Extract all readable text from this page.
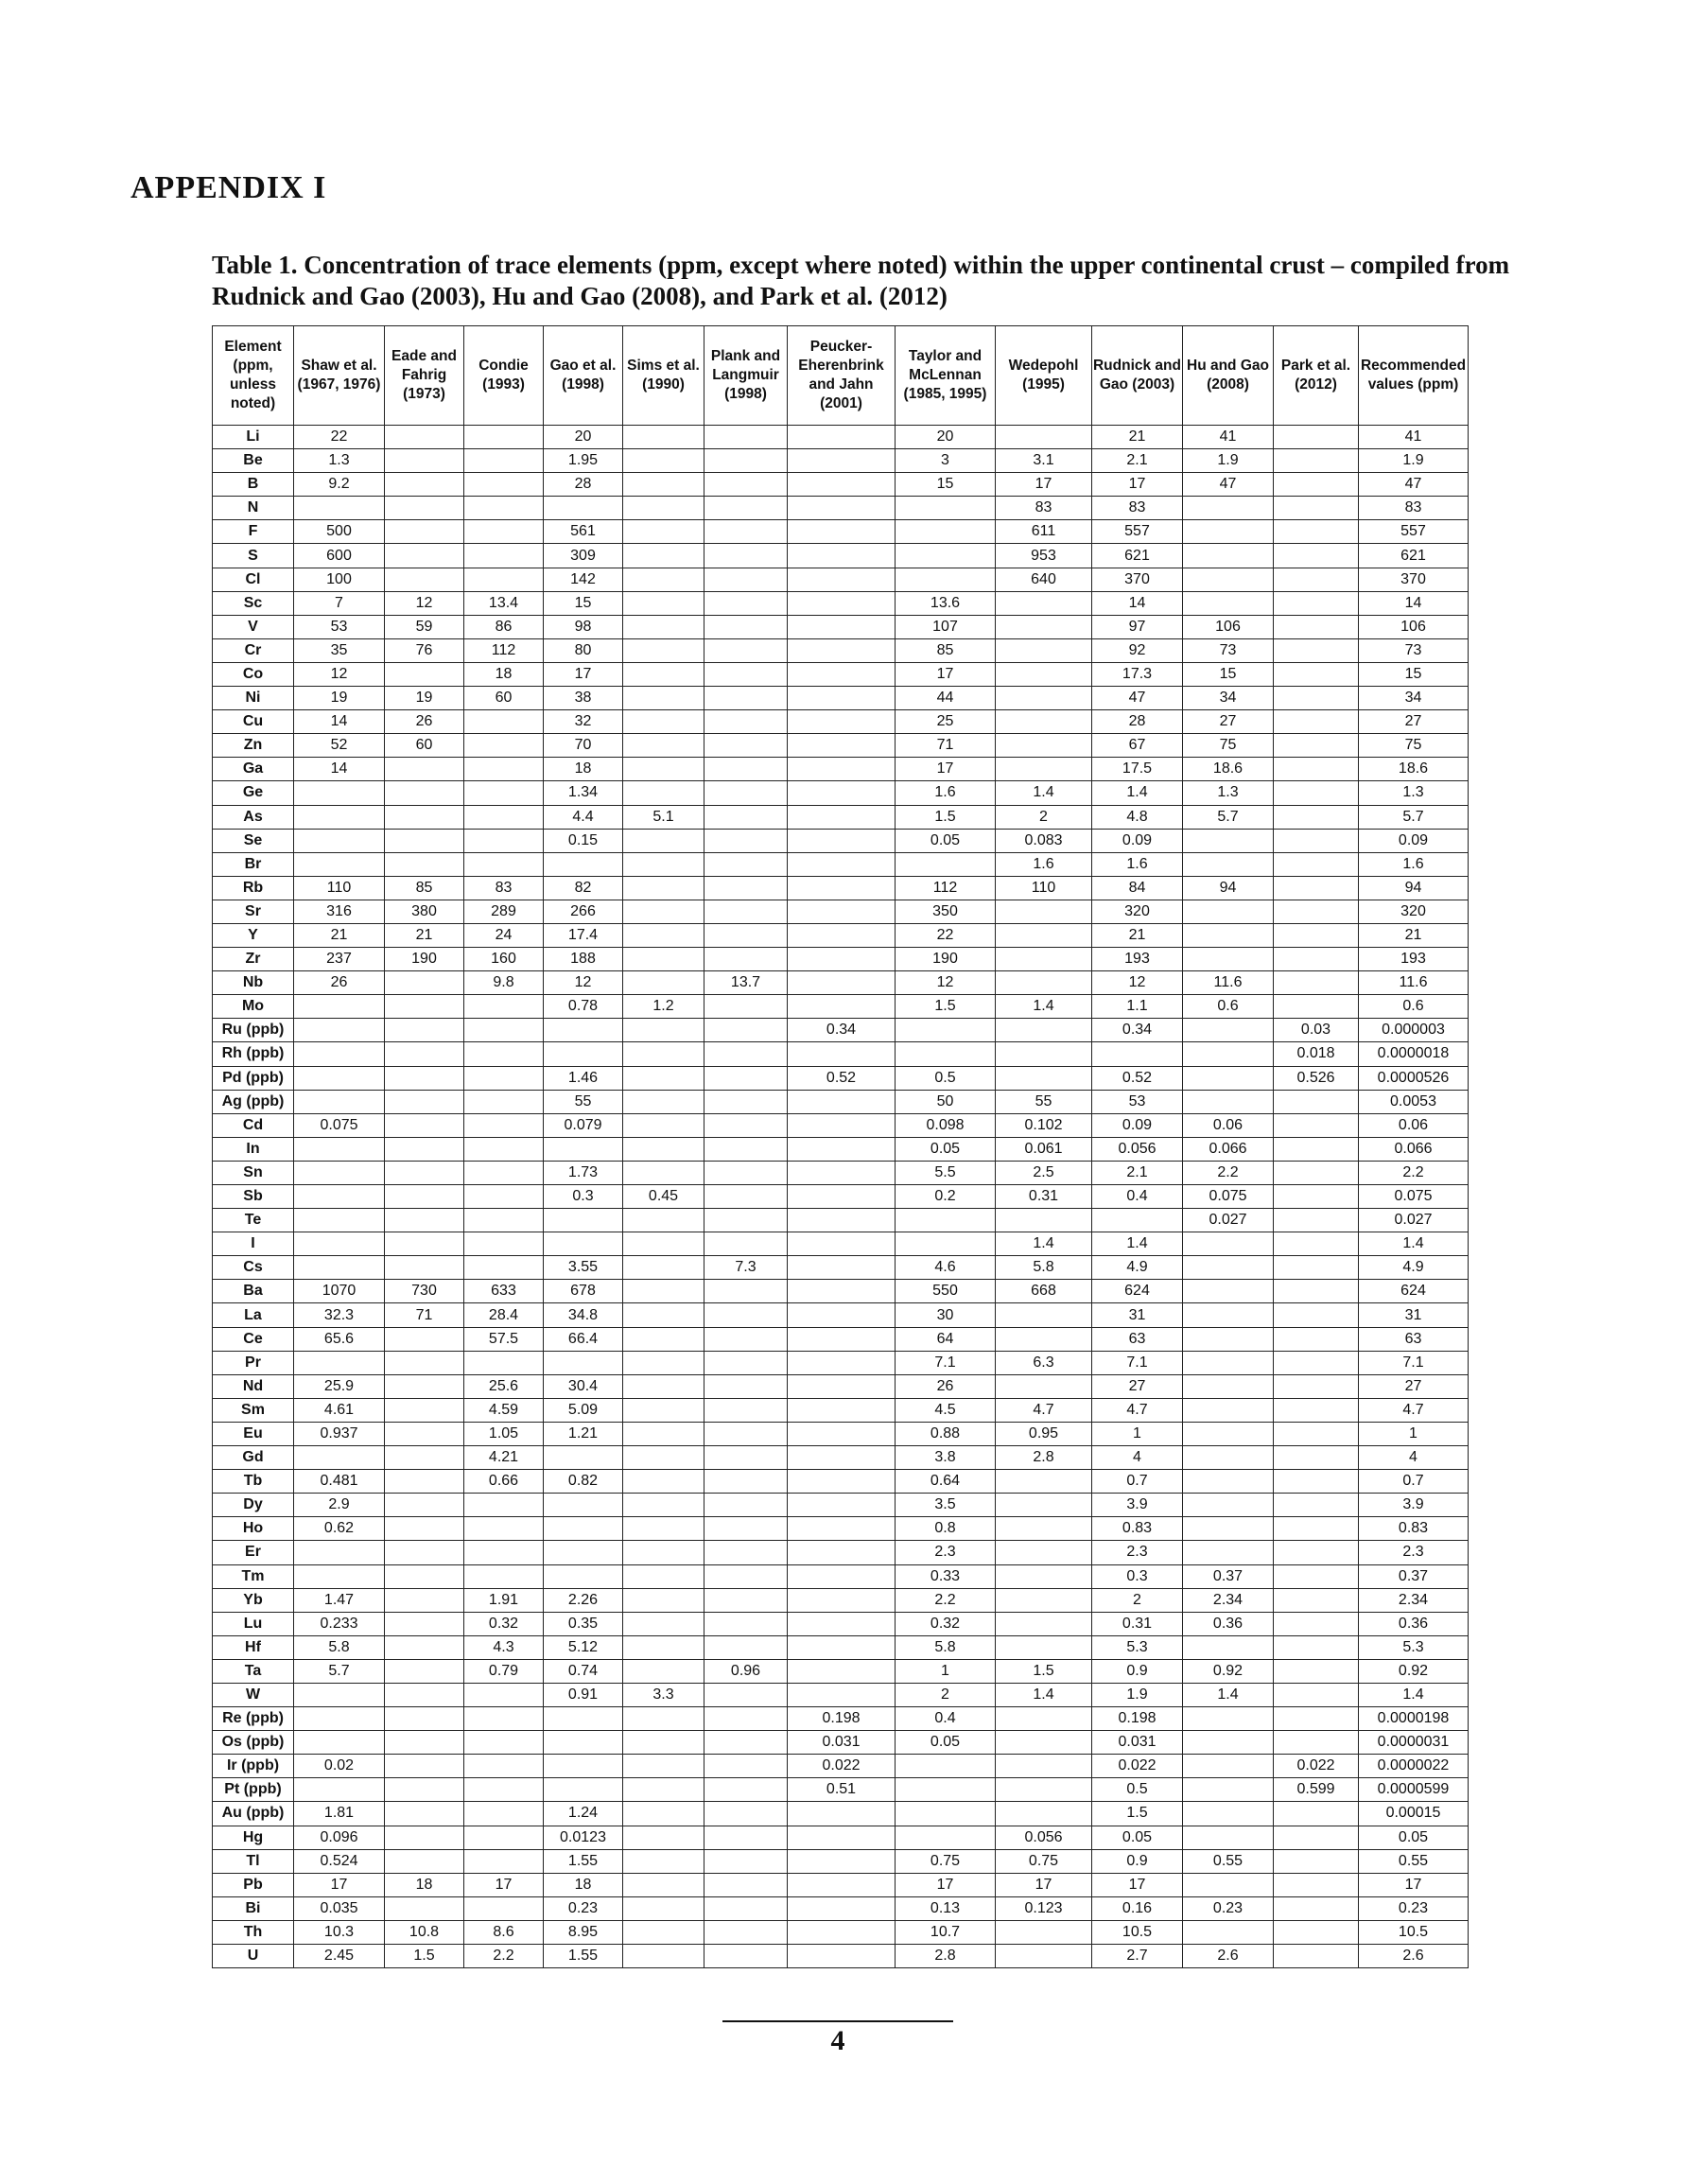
APPENDIX I

Table 1. Concentration of trace elements (ppm, except where noted) within the upper continental crust – compiled from Rudnick and Gao (2003), Hu and Gao (2008), and Park et al. (2012)

Element (ppm, unless noted)	Shaw et al. (1967, 1976)	Eade and Fahrig (1973)	Condie (1993)	Gao et al. (1998)	Sims et al. (1990)	Plank and Langmuir (1998)	Peucker-Eherenbrink and Jahn (2001)	Taylor and McLennan (1985, 1995)	Wedepohl (1995)	Rudnick and Gao (2003)	Hu and Gao (2008)	Park et al. (2012)	Recommended values (ppm)
Li	22			20				20		21	41		41
Be	1.3			1.95				3	3.1	2.1	1.9		1.9
B	9.2			28				15	17	17	47		47
N									83	83			83
F	500			561					611	557			557
S	600			309					953	621			621
Cl	100			142					640	370			370
Sc	7	12	13.4	15				13.6		14			14
V	53	59	86	98				107		97	106		106
Cr	35	76	112	80				85		92	73		73
Co	12		18	17				17		17.3	15		15
Ni	19	19	60	38				44		47	34		34
Cu	14	26		32				25		28	27		27
Zn	52	60		70				71		67	75		75
Ga	14			18				17		17.5	18.6		18.6
Ge				1.34				1.6	1.4	1.4	1.3		1.3
As				4.4	5.1			1.5	2	4.8	5.7		5.7
Se				0.15				0.05	0.083	0.09			0.09
Br									1.6	1.6			1.6
Rb	110	85	83	82				112	110	84	94		94
Sr	316	380	289	266				350		320			320
Y	21	21	24	17.4				22		21			21
Zr	237	190	160	188				190		193			193
Nb	26		9.8	12		13.7		12		12	11.6		11.6
Mo				0.78	1.2			1.5	1.4	1.1	0.6		0.6
Ru (ppb)							0.34			0.34		0.03	0.000003
Rh (ppb)												0.018	0.0000018
Pd (ppb)				1.46			0.52	0.5		0.52		0.526	0.0000526
Ag (ppb)				55				50	55	53			0.0053
Cd	0.075			0.079				0.098	0.102	0.09	0.06		0.06
In								0.05	0.061	0.056	0.066		0.066
Sn				1.73				5.5	2.5	2.1	2.2		2.2
Sb				0.3	0.45			0.2	0.31	0.4	0.075		0.075
Te											0.027		0.027
I									1.4	1.4			1.4
Cs				3.55		7.3		4.6	5.8	4.9			4.9
Ba	1070	730	633	678				550	668	624			624
La	32.3	71	28.4	34.8				30		31			31
Ce	65.6		57.5	66.4				64		63			63
Pr								7.1	6.3	7.1			7.1
Nd	25.9		25.6	30.4				26		27			27
Sm	4.61		4.59	5.09				4.5	4.7	4.7			4.7
Eu	0.937		1.05	1.21				0.88	0.95	1			1
Gd			4.21					3.8	2.8	4			4
Tb	0.481		0.66	0.82				0.64		0.7			0.7
Dy	2.9							3.5		3.9			3.9
Ho	0.62							0.8		0.83			0.83
Er								2.3		2.3			2.3
Tm								0.33		0.3	0.37		0.37
Yb	1.47		1.91	2.26				2.2		2	2.34		2.34
Lu	0.233		0.32	0.35				0.32		0.31	0.36		0.36
Hf	5.8		4.3	5.12				5.8		5.3			5.3
Ta	5.7		0.79	0.74		0.96		1	1.5	0.9	0.92		0.92
W				0.91	3.3			2	1.4	1.9	1.4		1.4
Re (ppb)							0.198	0.4		0.198			0.0000198
Os (ppb)							0.031	0.05		0.031			0.0000031
Ir (ppb)	0.02						0.022			0.022		0.022	0.0000022
Pt (ppb)							0.51			0.5		0.599	0.0000599
Au (ppb)	1.81			1.24						1.5			0.00015
Hg	0.096			0.0123					0.056	0.05			0.05
Tl	0.524			1.55				0.75	0.75	0.9	0.55		0.55
Pb	17	18	17	18				17	17	17			17
Bi	0.035			0.23				0.13	0.123	0.16	0.23		0.23
Th	10.3	10.8	8.6	8.95				10.7		10.5			10.5
U	2.45	1.5	2.2	1.55				2.8		2.7	2.6		2.6
4
